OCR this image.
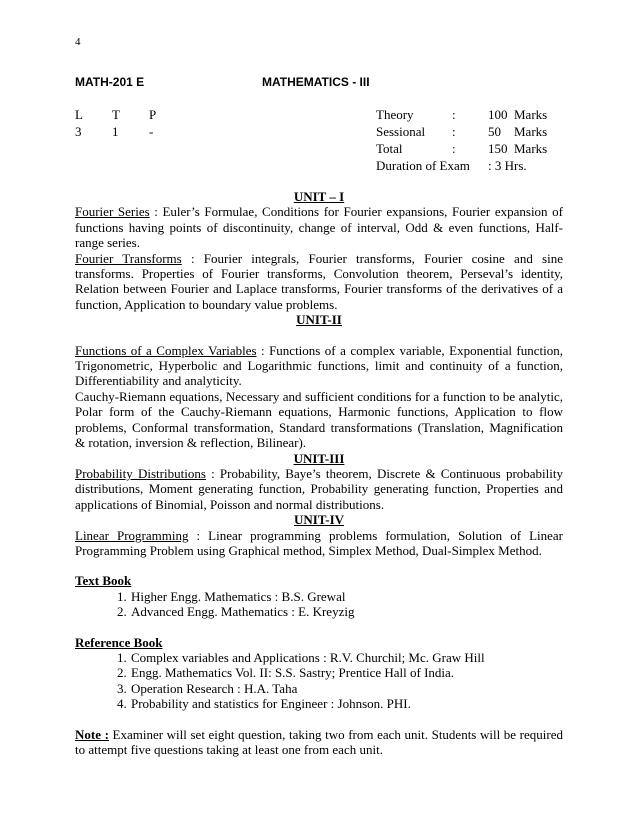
4
MATH-201 E	MATHEMATICS - III
L	T	P
3	1	-
Theory	:	100 Marks
Sessional	:	50	Marks
Total	:	150 Marks
Duration of Exam	: 3 Hrs.

UNIT – I

Fourier Series : Euler’s Formulae, Conditions for Fourier expansions, Fourier expansion of functions having points of discontinuity, change of interval, Odd & even functions, Half-range series.

Fourier Transforms : Fourier integrals, Fourier transforms, Fourier cosine and sine transforms. Properties of Fourier transforms, Convolution theorem, Perseval’s identity, Relation between Fourier and Laplace transforms, Fourier transforms of the derivatives of a function, Application to boundary value problems.

UNIT-II

Functions of a Complex Variables : Functions of a complex variable, Exponential function, Trigonometric, Hyperbolic and Logarithmic functions, limit and continuity of a function, Differentiability and analyticity.

Cauchy-Riemann equations, Necessary and sufficient conditions for a function to be analytic, Polar form of the Cauchy-Riemann equations, Harmonic functions, Application to flow problems, Conformal transformation, Standard transformations (Translation, Magnification & rotation, inversion & reflection, Bilinear).

UNIT-III

Probability Distributions : Probability, Baye’s theorem, Discrete & Continuous probability distributions, Moment generating function, Probability generating function, Properties and applications of Binomial, Poisson and normal distributions.

UNIT-IV

Linear Programming : Linear programming problems formulation, Solution of Linear Programming Problem using Graphical method, Simplex Method, Dual-Simplex Method.

Text Book

1. Higher Engg. Mathematics : B.S. Grewal
2. Advanced Engg. Mathematics : E. Kreyzig

Reference Book

1. Complex variables and Applications : R.V. Churchil; Mc. Graw Hill
2. Engg. Mathematics Vol. II: S.S. Sastry; Prentice Hall of India.
3. Operation Research : H.A. Taha
4. Probability and statistics for Engineer : Johnson. PHI.

Note : Examiner will set eight question, taking two from each unit. Students will be required to attempt five questions taking at least one from each unit.
